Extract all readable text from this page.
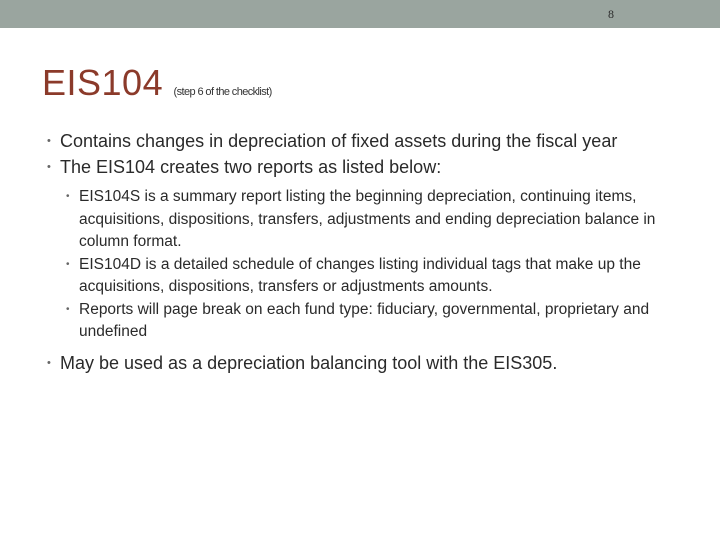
8
EIS104 (step 6 of the checklist)
• Contains changes in depreciation of fixed assets during the fiscal year
• The EIS104 creates two reports as listed below:
• EIS104S is a summary report listing the beginning depreciation, continuing items, acquisitions, dispositions, transfers, adjustments and ending depreciation balance in column format.
• EIS104D is a detailed schedule of changes listing individual tags that make up the acquisitions, dispositions, transfers or adjustments amounts.
• Reports will page break on each fund type: fiduciary, governmental, proprietary and undefined
• May be used as a depreciation balancing tool with the EIS305.
